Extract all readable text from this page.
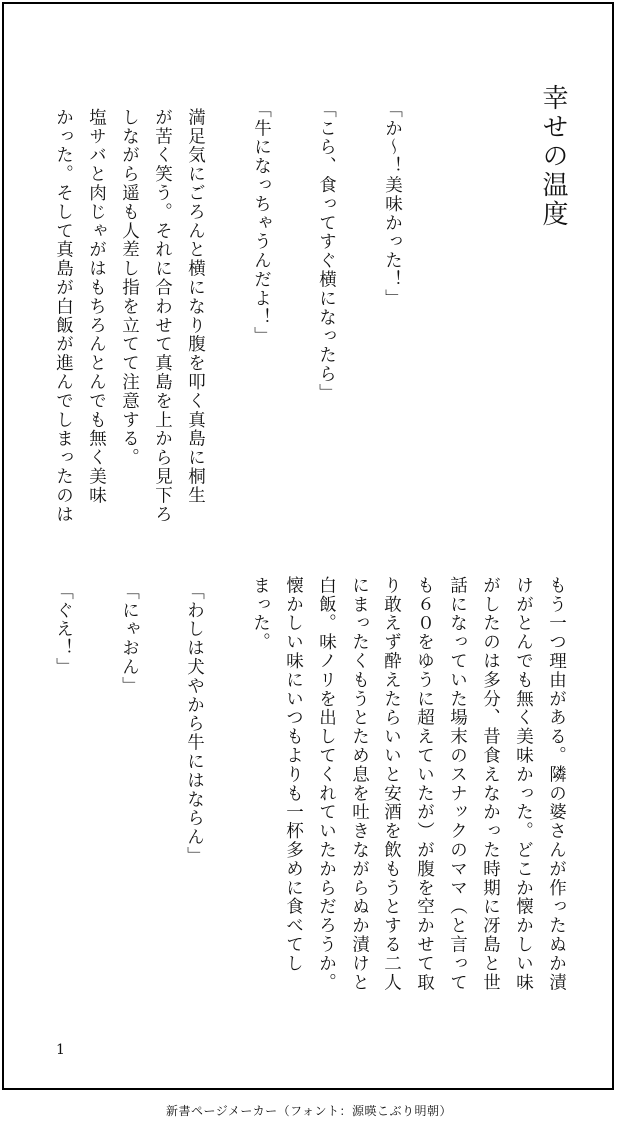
幸せの温度
「か〜！美味かった！」
「こら、食ってすぐ横になったら」
「牛になっちゃうんだよ！」
満足気にごろんと横になり腹を叩く真島に桐生
が苦く笑う。それに合わせて真島を上から見下ろ
しながら遥も人差し指を立てて注意する。
塩サバと肉じゃがはもちろんとんでも無く美味
かった。そして真島が白飯が進んでしまったのは
もう一つ理由がある。隣の婆さんが作ったぬか漬
けがとんでも無く美味かった。どこか懐かしい味
がしたのは多分、昔食えなかった時期に冴島と世
話になっていた場末のスナックのママ（と言って
も６０をゆうに超えていたが）が腹を空かせて取
り敢えず酔えたらいいと安酒を飲もうとする二人
にまったくもうとため息を吐きながらぬか漬けと
白飯。味ノリを出してくれていたからだろうか。
懐かしい味にいつもよりも一杯多めに食べてし
まった。
「わしは犬やから牛にはならん」
「にゃおん」
「ぐえ！」
1
新書ページメーカー（フォント：源暎こぶり明朝）
